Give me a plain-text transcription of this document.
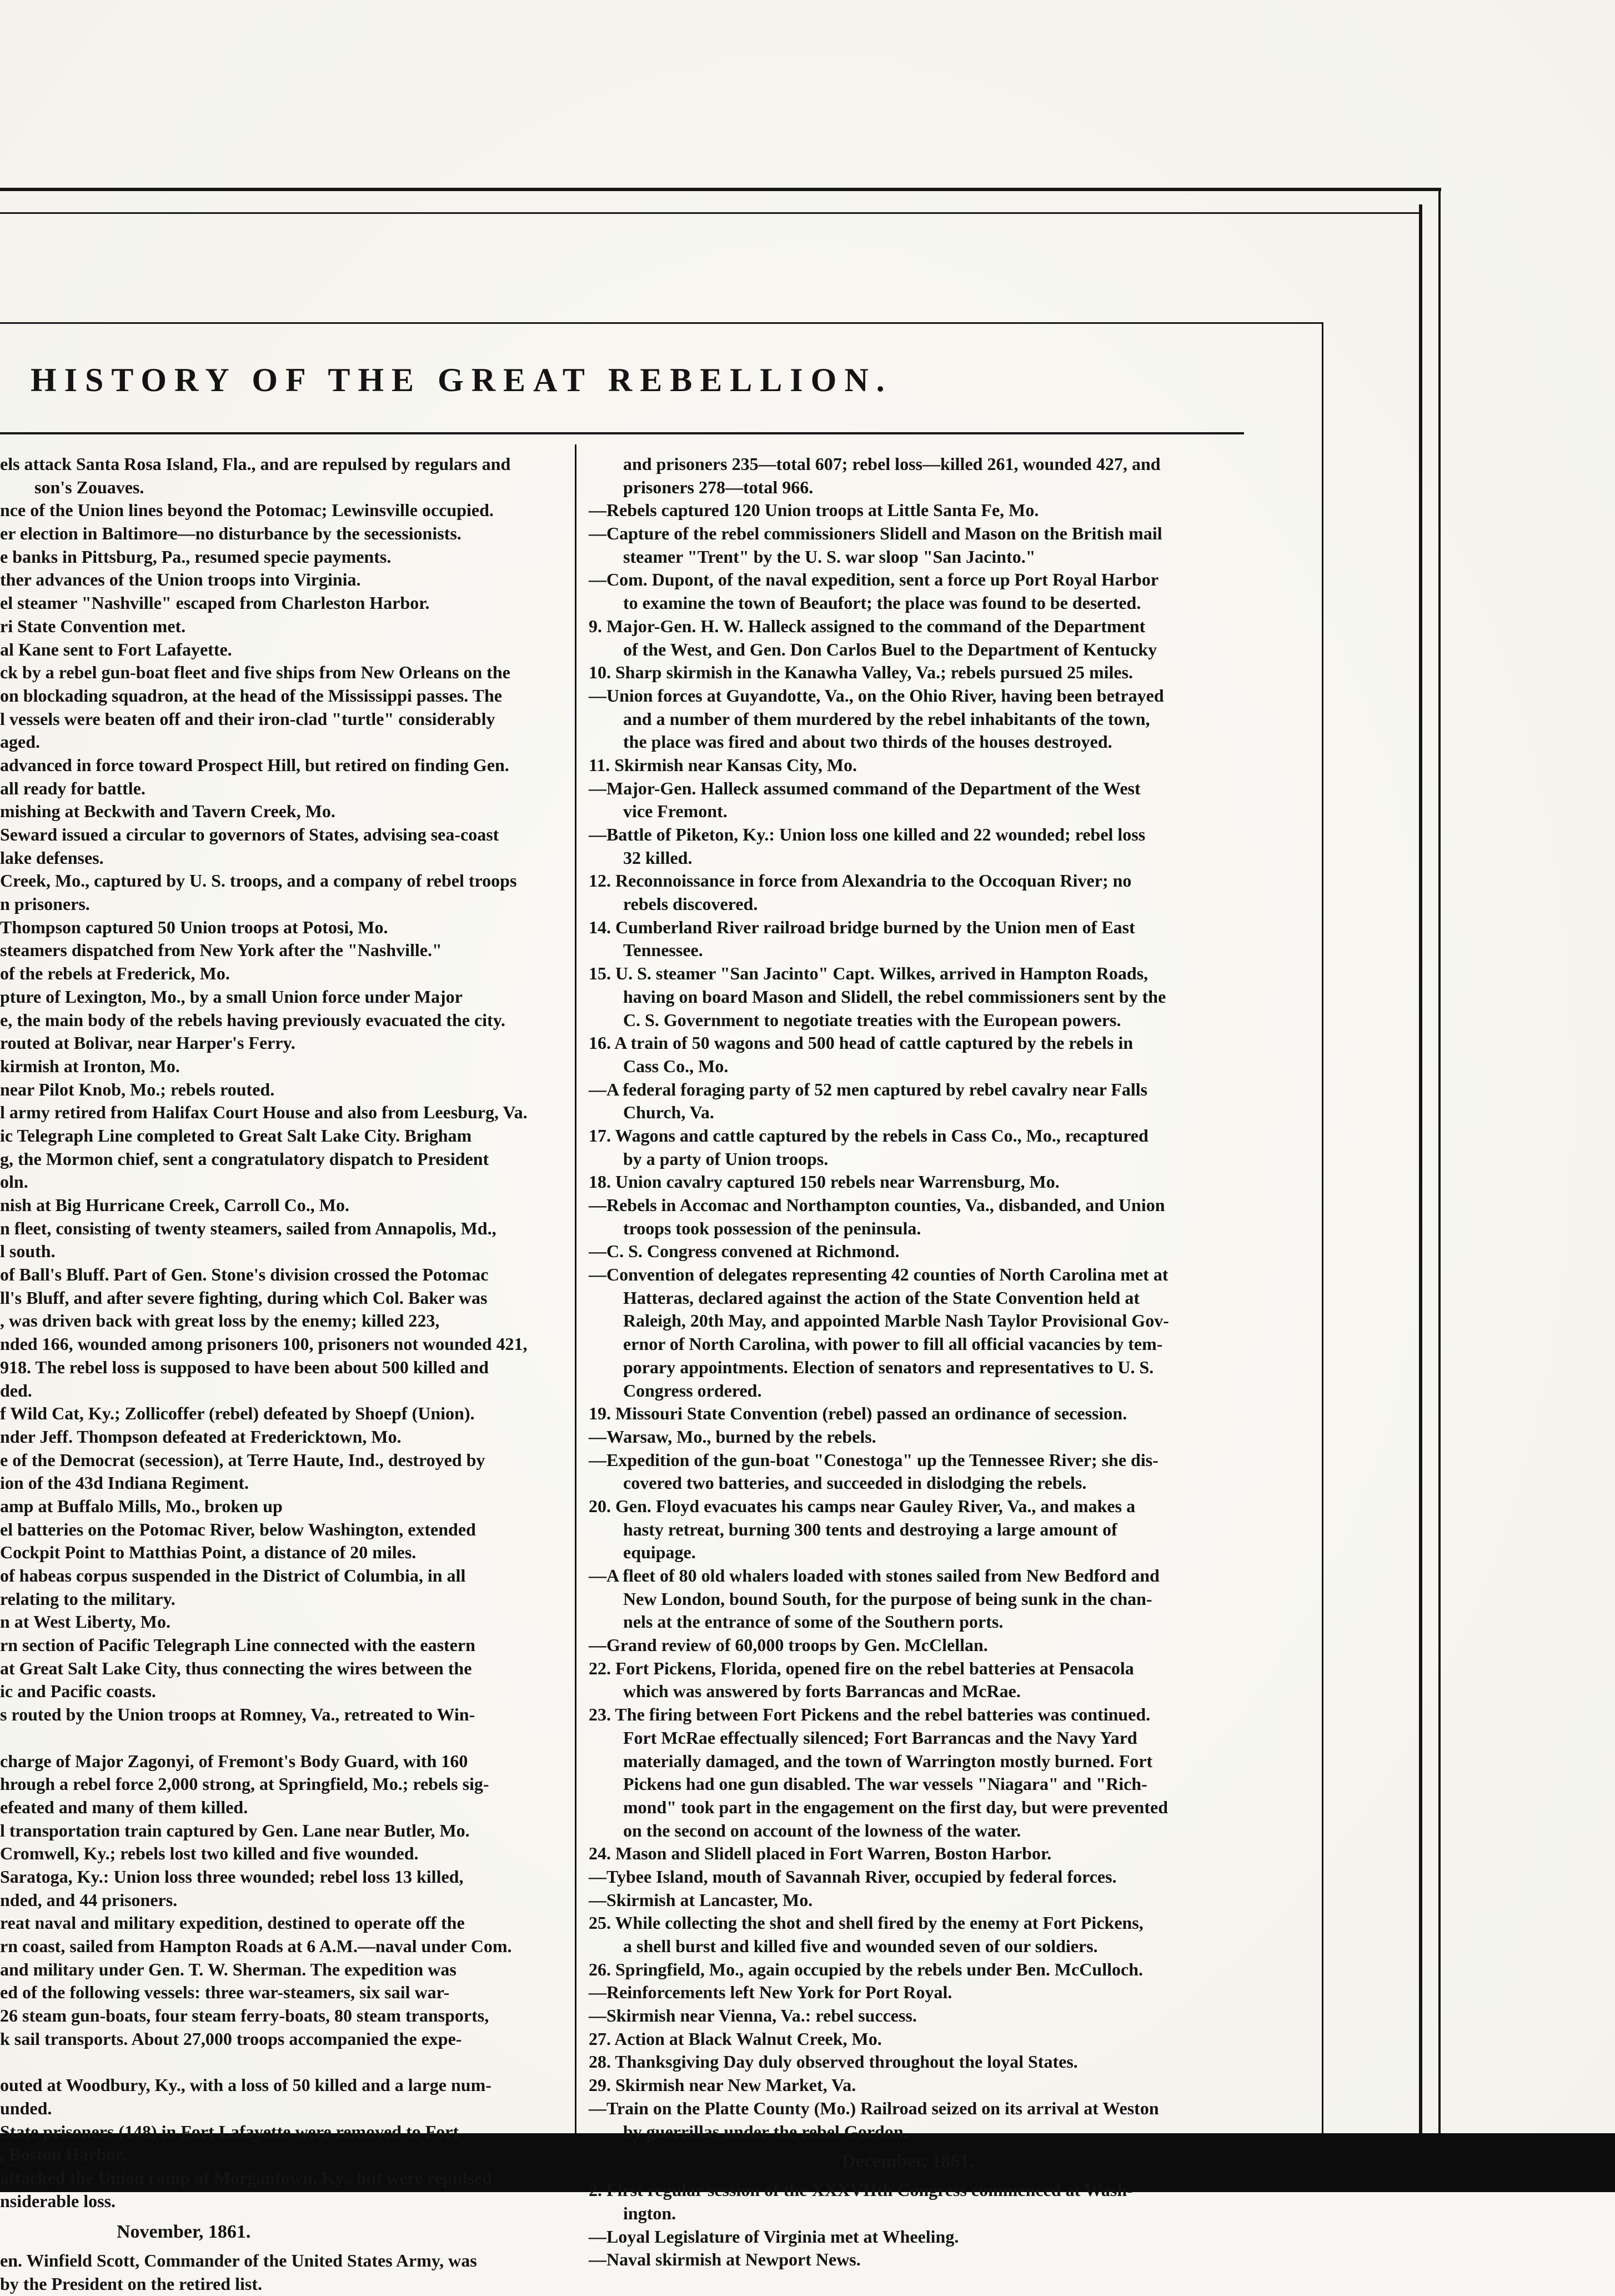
HISTORY OF THE GREAT REBELLION.
els attack Santa Rosa Island, Fla., and are repulsed by regulars and
son's Zouaves.
nce of the Union lines beyond the Potomac; Lewinsville occupied.
er election in Baltimore—no disturbance by the secessionists.
e banks in Pittsburg, Pa., resumed specie payments.
ther advances of the Union troops into Virginia.
el steamer "Nashville" escaped from Charleston Harbor.
ri State Convention met.
al Kane sent to Fort Lafayette.
ck by a rebel gun-boat fleet and five ships from New Orleans on the
on blockading squadron, at the head of the Mississippi passes. The
l vessels were beaten off and their iron-clad "turtle" considerably
aged.
advanced in force toward Prospect Hill, but retired on finding Gen.
all ready for battle.
mishing at Beckwith and Tavern Creek, Mo.
Seward issued a circular to governors of States, advising sea-coast
lake defenses.
Creek, Mo., captured by U. S. troops, and a company of rebel troops
n prisoners.
Thompson captured 50 Union troops at Potosi, Mo.
steamers dispatched from New York after the "Nashville."
of the rebels at Frederick, Mo.
pture of Lexington, Mo., by a small Union force under Major
e, the main body of the rebels having previously evacuated the city.
routed at Bolivar, near Harper's Ferry.
kirmish at Ironton, Mo.
near Pilot Knob, Mo.; rebels routed.
l army retired from Halifax Court House and also from Leesburg, Va.
ic Telegraph Line completed to Great Salt Lake City. Brigham
g, the Mormon chief, sent a congratulatory dispatch to President
oln.
nish at Big Hurricane Creek, Carroll Co., Mo.
n fleet, consisting of twenty steamers, sailed from Annapolis, Md.,
l south.
of Ball's Bluff. Part of Gen. Stone's division crossed the Potomac
ll's Bluff, and after severe fighting, during which Col. Baker was
, was driven back with great loss by the enemy; killed 223,
nded 166, wounded among prisoners 100, prisoners not wounded 421,
918. The rebel loss is supposed to have been about 500 killed and
ded.
f Wild Cat, Ky.; Zollicoffer (rebel) defeated by Shoepf (Union).
nder Jeff. Thompson defeated at Fredericktown, Mo.
e of the Democrat (secession), at Terre Haute, Ind., destroyed by
ion of the 43d Indiana Regiment.
amp at Buffalo Mills, Mo., broken up
el batteries on the Potomac River, below Washington, extended
Cockpit Point to Matthias Point, a distance of 20 miles.
of habeas corpus suspended in the District of Columbia, in all
relating to the military.
n at West Liberty, Mo.
rn section of Pacific Telegraph Line connected with the eastern
at Great Salt Lake City, thus connecting the wires between the
ic and Pacific coasts.
s routed by the Union troops at Romney, Va., retreated to Win-
charge of Major Zagonyi, of Fremont's Body Guard, with 160
hrough a rebel force 2,000 strong, at Springfield, Mo.; rebels sig-
efeated and many of them killed.
l transportation train captured by Gen. Lane near Butler, Mo.
Cromwell, Ky.; rebels lost two killed and five wounded.
Saratoga, Ky.: Union loss three wounded; rebel loss 13 killed,
nded, and 44 prisoners.
reat naval and military expedition, destined to operate off the
rn coast, sailed from Hampton Roads at 6 A.M.—naval under Com.
and military under Gen. T. W. Sherman. The expedition was
ed of the following vessels: three war-steamers, six sail war-
26 steam gun-boats, four steam ferry-boats, 80 steam transports,
k sail transports. About 27,000 troops accompanied the expe-
outed at Woodbury, Ky., with a loss of 50 killed and a large num-
unded.
State prisoners (148) in Fort Lafayette were removed to Fort
, Boston Harbor.
attacked the Union camp at Morgantown, Ky., but were repulsed
nsiderable loss.
November, 1861.
en. Winfield Scott, Commander of the United States Army, was
by the President on the retired list.
and prisoners 235—total 607; rebel loss—killed 261, wounded 427, and
prisoners 278—total 966.
—Rebels captured 120 Union troops at Little Santa Fe, Mo.
—Capture of the rebel commissioners Slidell and Mason on the British mail
steamer "Trent" by the U. S. war sloop "San Jacinto."
—Com. Dupont, of the naval expedition, sent a force up Port Royal Harbor
to examine the town of Beaufort; the place was found to be deserted.
9. Major-Gen. H. W. Halleck assigned to the command of the Department
of the West, and Gen. Don Carlos Buel to the Department of Kentucky
10. Sharp skirmish in the Kanawha Valley, Va.; rebels pursued 25 miles.
—Union forces at Guyandotte, Va., on the Ohio River, having been betrayed
and a number of them murdered by the rebel inhabitants of the town,
the place was fired and about two thirds of the houses destroyed.
11. Skirmish near Kansas City, Mo.
—Major-Gen. Halleck assumed command of the Department of the West
vice Fremont.
—Battle of Piketon, Ky.: Union loss one killed and 22 wounded; rebel loss
32 killed.
12. Reconnoissance in force from Alexandria to the Occoquan River; no
rebels discovered.
14. Cumberland River railroad bridge burned by the Union men of East
Tennessee.
15. U. S. steamer "San Jacinto" Capt. Wilkes, arrived in Hampton Roads,
having on board Mason and Slidell, the rebel commissioners sent by the
C. S. Government to negotiate treaties with the European powers.
16. A train of 50 wagons and 500 head of cattle captured by the rebels in
Cass Co., Mo.
—A federal foraging party of 52 men captured by rebel cavalry near Falls
Church, Va.
17. Wagons and cattle captured by the rebels in Cass Co., Mo., recaptured
by a party of Union troops.
18. Union cavalry captured 150 rebels near Warrensburg, Mo.
—Rebels in Accomac and Northampton counties, Va., disbanded, and Union
troops took possession of the peninsula.
—C. S. Congress convened at Richmond.
—Convention of delegates representing 42 counties of North Carolina met at
Hatteras, declared against the action of the State Convention held at
Raleigh, 20th May, and appointed Marble Nash Taylor Provisional Gov-
ernor of North Carolina, with power to fill all official vacancies by tem-
porary appointments. Election of senators and representatives to U. S.
Congress ordered.
19. Missouri State Convention (rebel) passed an ordinance of secession.
—Warsaw, Mo., burned by the rebels.
—Expedition of the gun-boat "Conestoga" up the Tennessee River; she dis-
covered two batteries, and succeeded in dislodging the rebels.
20. Gen. Floyd evacuates his camps near Gauley River, Va., and makes a
hasty retreat, burning 300 tents and destroying a large amount of
equipage.
—A fleet of 80 old whalers loaded with stones sailed from New Bedford and
New London, bound South, for the purpose of being sunk in the chan-
nels at the entrance of some of the Southern ports.
—Grand review of 60,000 troops by Gen. McClellan.
22. Fort Pickens, Florida, opened fire on the rebel batteries at Pensacola
which was answered by forts Barrancas and McRae.
23. The firing between Fort Pickens and the rebel batteries was continued.
Fort McRae effectually silenced; Fort Barrancas and the Navy Yard
materially damaged, and the town of Warrington mostly burned. Fort
Pickens had one gun disabled. The war vessels "Niagara" and "Rich-
mond" took part in the engagement on the first day, but were prevented
on the second on account of the lowness of the water.
24. Mason and Slidell placed in Fort Warren, Boston Harbor.
—Tybee Island, mouth of Savannah River, occupied by federal forces.
—Skirmish at Lancaster, Mo.
25. While collecting the shot and shell fired by the enemy at Fort Pickens,
a shell burst and killed five and wounded seven of our soldiers.
26. Springfield, Mo., again occupied by the rebels under Ben. McCulloch.
—Reinforcements left New York for Port Royal.
—Skirmish near Vienna, Va.: rebel success.
27. Action at Black Walnut Creek, Mo.
28. Thanksgiving Day duly observed throughout the loyal States.
29. Skirmish near New Market, Va.
—Train on the Platte County (Mo.) Railroad seized on its arrival at Weston
by guerrillas under the rebel Gordon.
December, 1861.
2. First regular session of the XXXVIIth Congress commenced at Wash-
ington.
—Loyal Legislature of Virginia met at Wheeling.
—Naval skirmish at Newport News.
